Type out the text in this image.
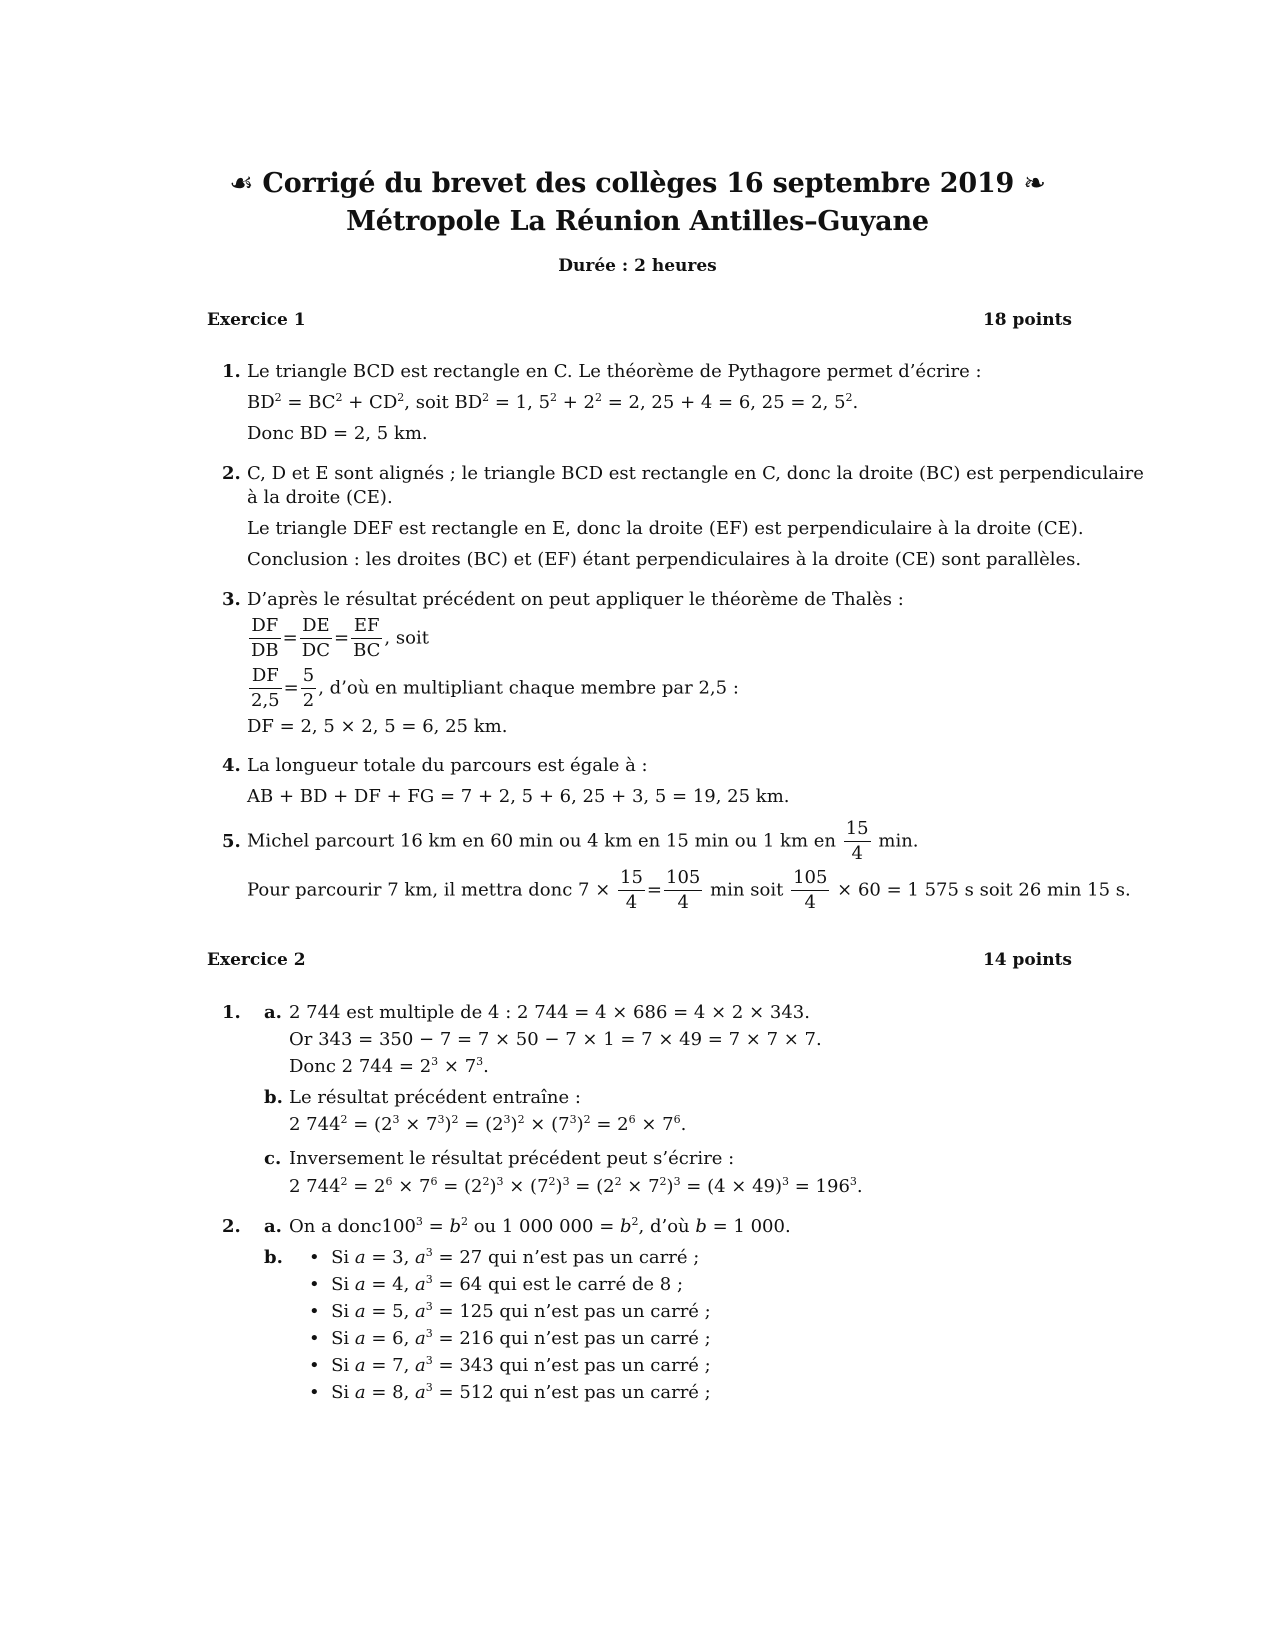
☙ Corrigé du brevet des collèges 16 septembre 2019 ❧
Métropole La Réunion Antilles–Guyane
Durée : 2 heures
Exercice 1	18 points
1. Le triangle BCD est rectangle en C. Le théorème de Pythagore permet d’écrire :
$BD^2 = BC^2 + CD^2$, soit $BD^2 = 1$, $5^2 + 2^2 = 2$, 25 + 4 = 6, 25 = 2, $5^2$.
Donc BD = 2, 5 km.
2. C, D et E sont alignés ; le triangle BCD est rectangle en C, donc la droite (BC) est perpendiculaire
à la droite (CE).
Le triangle DEF est rectangle en E, donc la droite (EF) est perpendiculaire à la droite (CE).
Conclusion : les droites (BC) et (EF) étant perpendiculaires à la droite (CE) sont parallèles.
3. D’après le résultat précédent on peut appliquer le théorème de Thalès :
$\frac{DF}{DB} = \frac{DE}{DC} = \frac{EF}{BC}$ , soit
$\frac{DF}{2,5} = \frac{5}{2}$ , d’où en multipliant chaque membre par 2,5 :
DF = 2, 5 × 2, 5 = 6, 25 km.
4. La longueur totale du parcours est égale à :
AB + BD + DF + FG = 7 + 2, 5 + 6, 25 + 3, 5 = 19, 25 km.
5. Michel parcourt 16 km en 60 min ou 4 km en 15 min ou 1 km en $\frac{15}{4} \min$.
Pour parcourir 7 km, il mettra donc $7 \times \frac{15}{4} = \frac{105}{4}$ min soit $\frac{105}{4} \times 60 = 1$ 575 s soit 26 min 15 s.
Exercice 2	14 points
1. a. 2 744 est multiple de 4 : 2 744 = 4 × 686 = 4 × 2 × 343.
Or 343 = 350 − 7 = 7 × 50 − 7 × 1 = 7 × 49 = 7 × 7 × 7.
Donc 2 $744 = 2^3 \times 7^3$.
b. Le résultat précédent entraîne :
2 $744^2 = (2^3 \times 7^3)^2 = (2^3)^2 \times (7^3)^2 = 2^6 \times 7^6$.
c. Inversement le résultat précédent peut s’écrire :
2 $744^2 = 2^6 \times 7^6 = (2^2)^3 \times (7^2)^3 = (2^2 \times 7^2)^3 = (4 \times 49)^3 = 196^3$.
2. a. On a $donc100^3 = b^2$ ou 1 000 $000 = b^2$, d’où b = 1 000.
b. •  Si a = 3, $a^3 = 27$ qui n’est pas un carré ;
•  Si a = 4, $a^3 = 64$ qui est le carré de 8 ;
•  Si a = 5, $a^3 = 125$ qui n’est pas un carré ;
•  Si a = 6, $a^3 = 216$ qui n’est pas un carré ;
•  Si a = 7, $a^3 = 343$ qui n’est pas un carré ;
•  Si a = 8, $a^3 = 512$ qui n’est pas un carré ;
